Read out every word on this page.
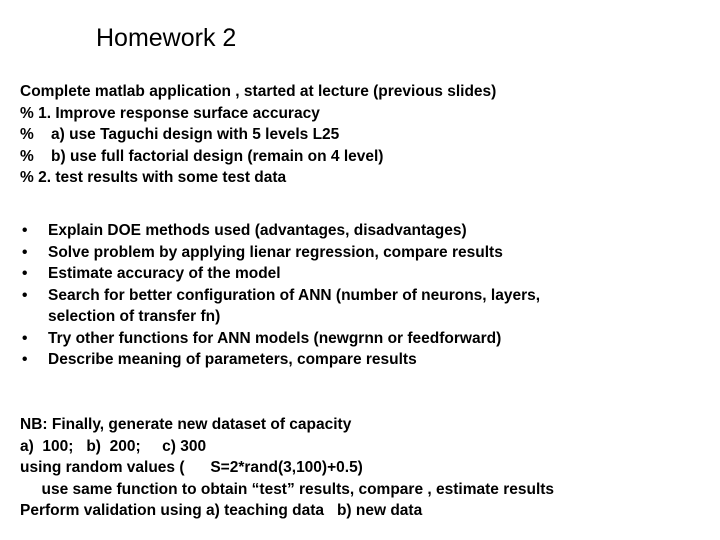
Homework 2
Complete matlab application , started at lecture (previous slides)
% 1. Improve response surface accuracy
%    a) use Taguchi design with 5 levels L25
%    b) use full factorial design (remain on 4 level)
% 2. test results with some test data
•	Explain DOE methods used (advantages, disadvantages)
•	Solve problem by applying lienar regression, compare results
•	Estimate accuracy of the model
•	Search for better configuration of ANN (number of neurons, layers, selection of transfer fn)
•	Try other functions for ANN models (newgrnn or feedforward)
•	Describe meaning of parameters, compare results
NB: Finally, generate new dataset of capacity
a)  100;   b)  200;     c) 300
using random values (      S=2*rand(3,100)+0.5)
use same function to obtain “test” results, compare , estimate results
Perform validation using a) teaching data   b) new data
